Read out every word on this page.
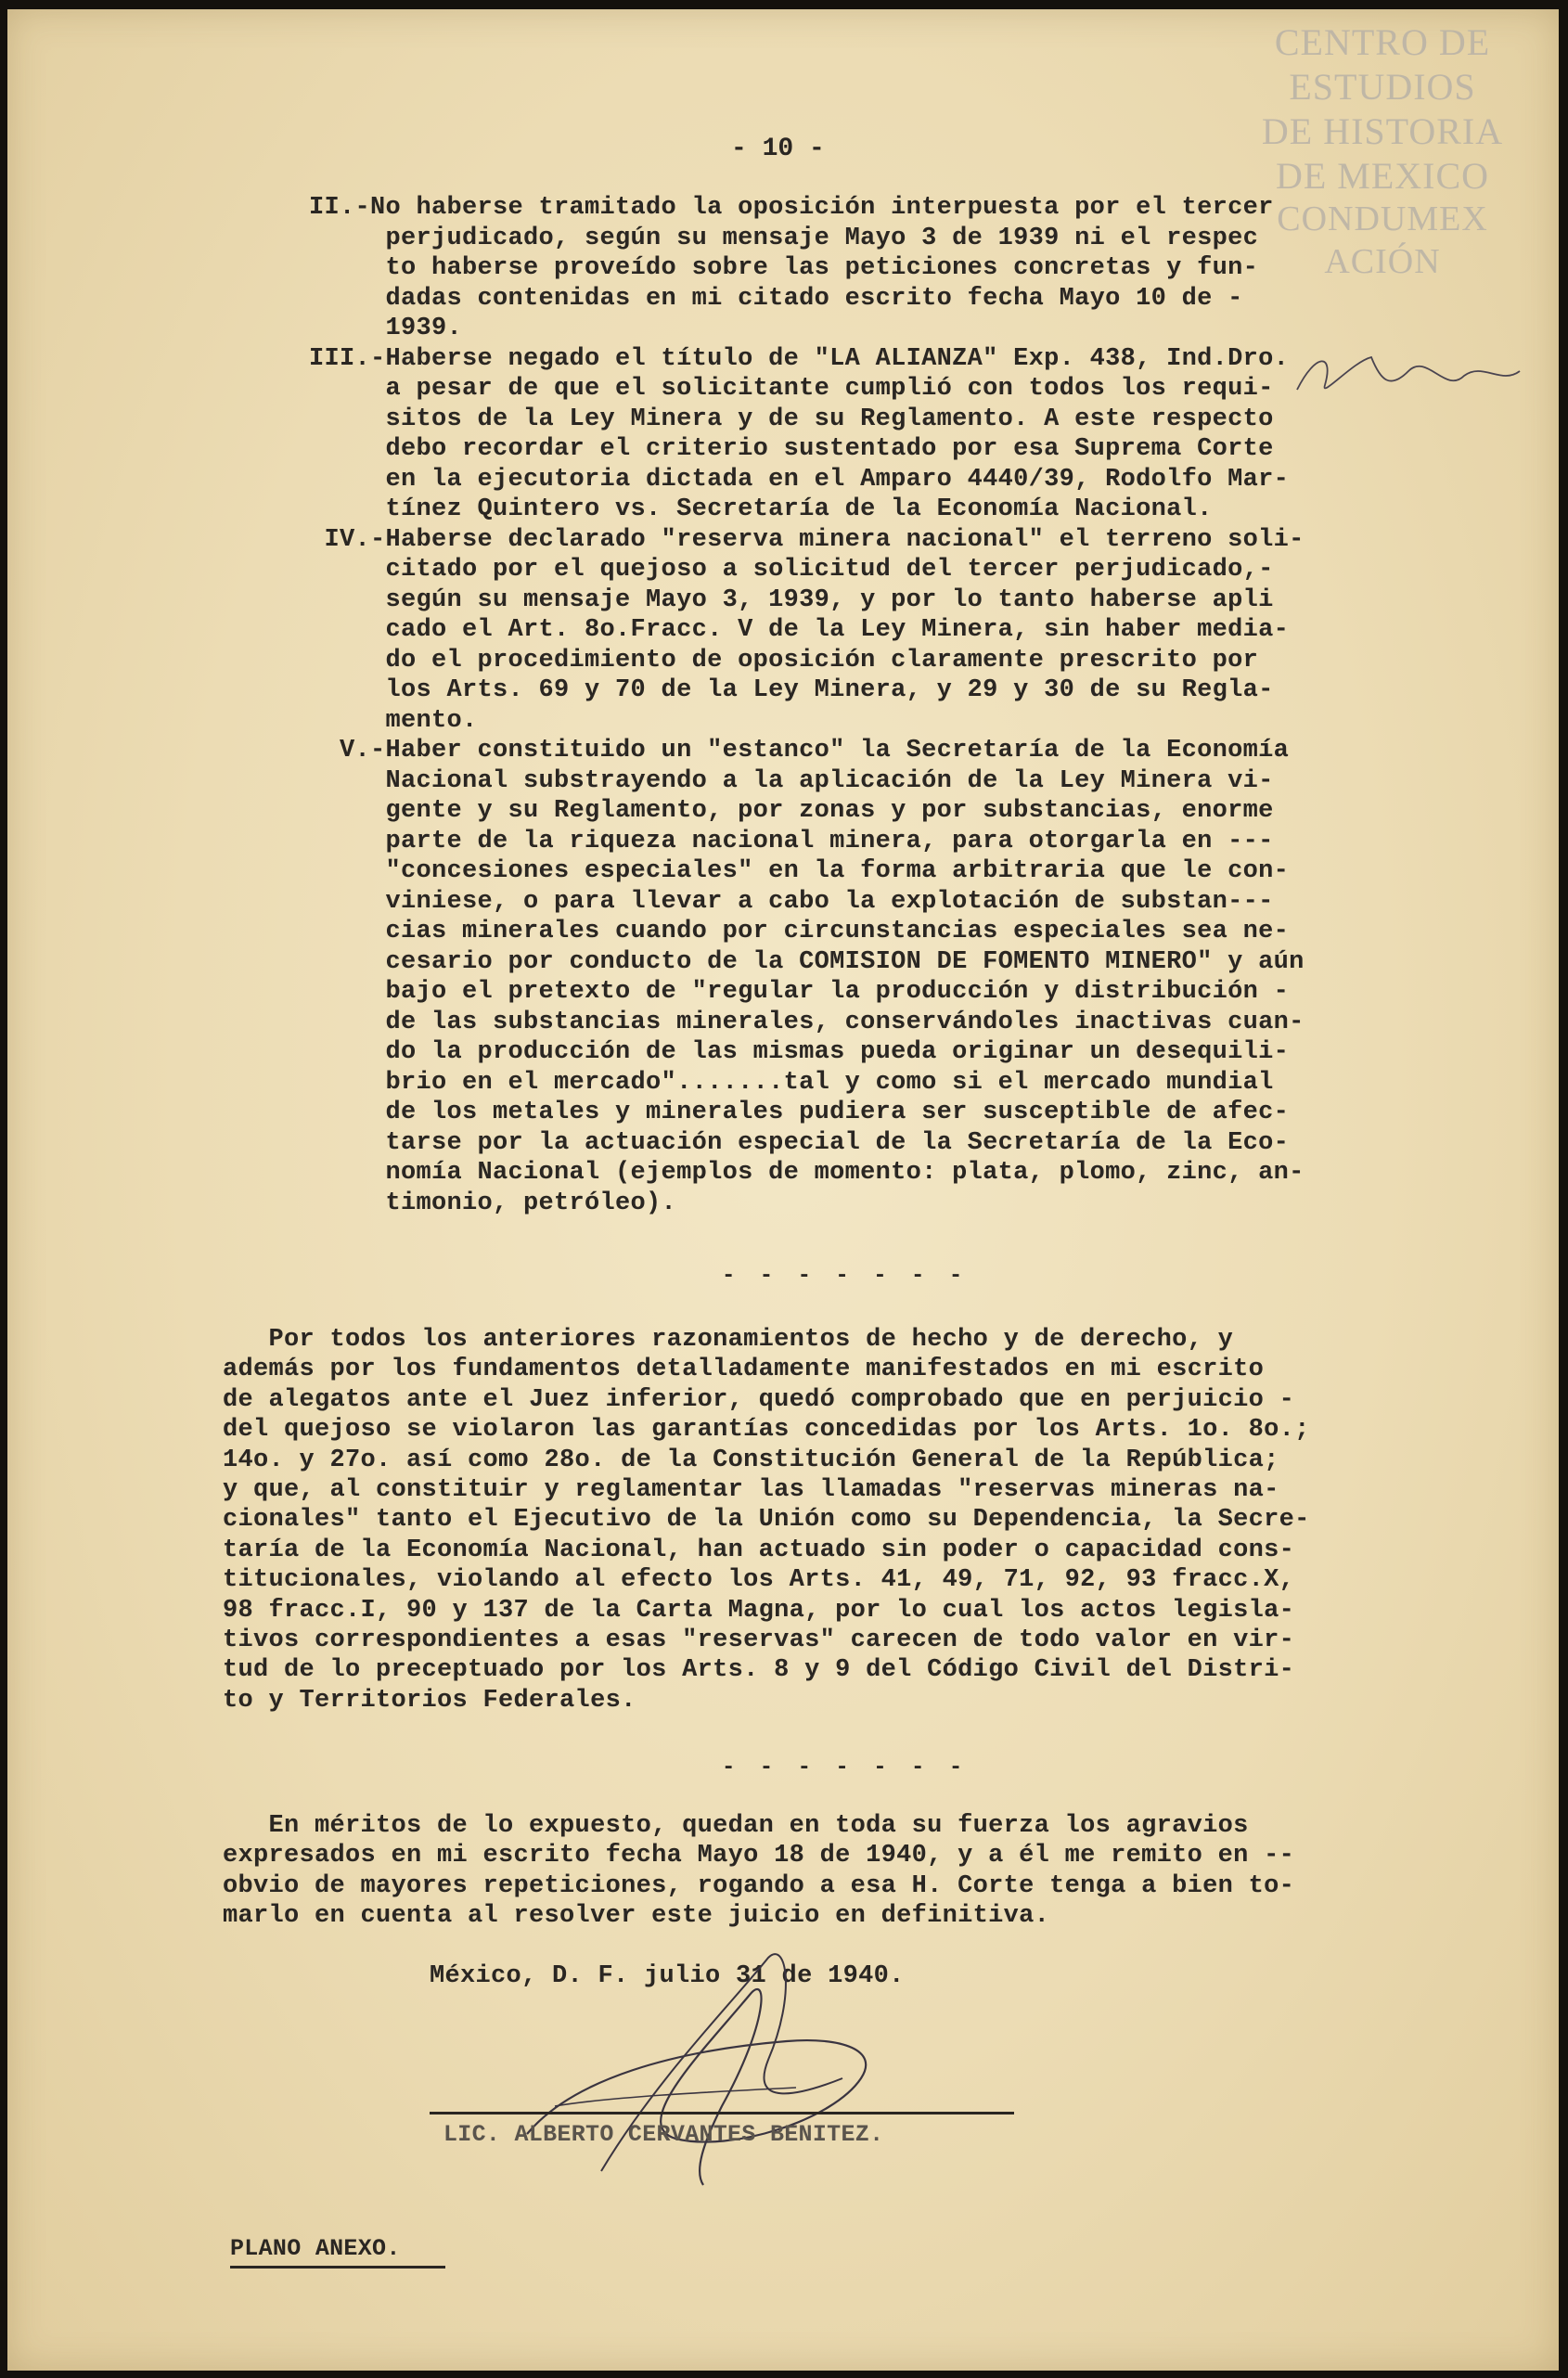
CENTRO DE
ESTUDIOS
DE HISTORIA
DE MEXICO
CONDUMEX ACIÓN

- 10 -

II.-No haberse tramitado la oposición interpuesta por el tercer

perjudicado, según su mensaje Mayo 3 de 1939 ni el respec

to haberse proveído sobre las peticiones concretas y fun-

dadas contenidas en mi citado escrito fecha Mayo 10 de -

1939.

III.-Haberse negado el título de "LA ALIANZA" Exp. 438, Ind.Dro.

a pesar de que el solicitante cumplió con todos los requi-

sitos de la Ley Minera y de su Reglamento. A este respecto

debo recordar el criterio sustentado por esa Suprema Corte

en la ejecutoria dictada en el Amparo 4440/39, Rodolfo Mar-

tínez Quintero vs. Secretaría de la Economía Nacional.

IV.-Haberse declarado "reserva minera nacional" el terreno soli-

citado por el quejoso a solicitud del tercer perjudicado,-

según su mensaje Mayo 3, 1939, y por lo tanto haberse apli

cado el Art. 8o.Fracc. V de la Ley Minera, sin haber media-

do el procedimiento de oposición claramente prescrito por

los Arts. 69 y 70 de la Ley Minera, y 29 y 30 de su Regla-

mento.

V.-Haber constituido un "estanco" la Secretaría de la Economía

Nacional substrayendo a la aplicación de la Ley Minera vi-

gente y su Reglamento, por zonas y por substancias, enorme

parte de la riqueza nacional minera, para otorgarla en ---

"concesiones especiales" en la forma arbitraria que le con-

viniese, o para llevar a cabo la explotación de substan---

cias minerales cuando por circunstancias especiales sea ne-

cesario por conducto de la COMISION DE FOMENTO MINERO" y aún

bajo el pretexto de "regular la producción y distribución -

de las substancias minerales, conservándoles inactivas cuan-

do la producción de las mismas pueda originar un desequili-

brio en el mercado".......tal y como si el mercado mundial

de los metales y minerales pudiera ser susceptible de afec-

tarse por la actuación especial de la Secretaría de la Eco-

nomía Nacional (ejemplos de momento: plata, plomo, zinc, an-

timonio, petróleo).

- - - - - - -

Por todos los anteriores razonamientos de hecho y de derecho, y

además por los fundamentos detalladamente manifestados en mi escrito

de alegatos ante el Juez inferior, quedó comprobado que en perjuicio -

del quejoso se violaron las garantías concedidas por los Arts. 1o. 8o.;

14o. y 27o. así como 28o. de la Constitución General de la República;

y que, al constituir y reglamentar las llamadas "reservas mineras na-

cionales" tanto el Ejecutivo de la Unión como su Dependencia, la Secre-

taría de la Economía Nacional, han actuado sin poder o capacidad cons-

titucionales, violando al efecto los Arts. 41, 49, 71, 92, 93 fracc.X,

98 fracc.I, 90 y 137 de la Carta Magna, por lo cual los actos legisla-

tivos correspondientes a esas "reservas" carecen de todo valor en vir-

tud de lo preceptuado por los Arts. 8 y 9 del Código Civil del Distri-

to y Territorios Federales.

- - - - - - -

En méritos de lo expuesto, quedan en toda su fuerza los agravios

expresados en mi escrito fecha Mayo 18 de 1940, y a él me remito en --

obvio de mayores repeticiones, rogando a esa H. Corte tenga a bien to-

marlo en cuenta al resolver este juicio en definitiva.

México, D. F. julio 31 de 1940.

LIC. ALBERTO CERVANTES BENITEZ.

PLANO ANEXO.
